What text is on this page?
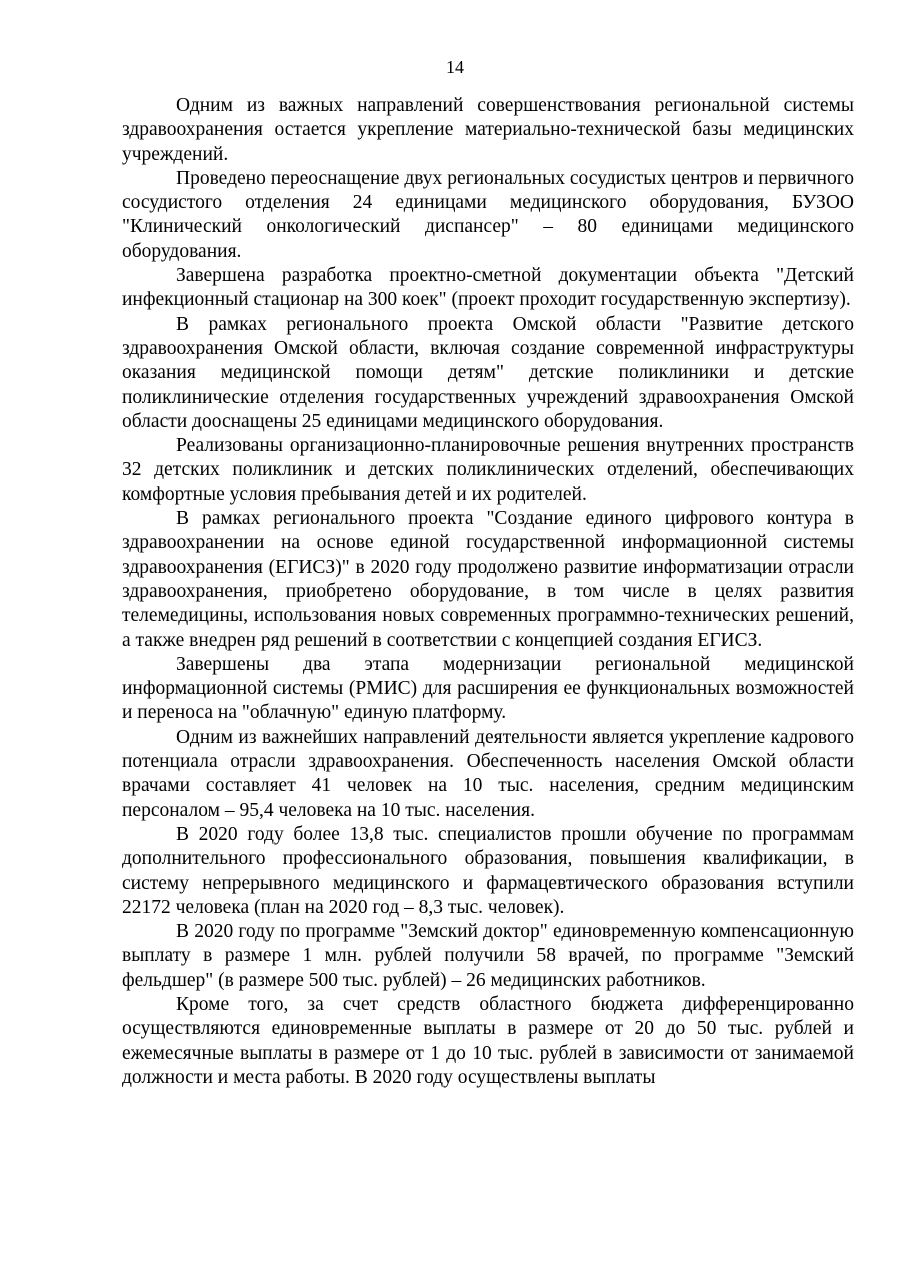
14

Одним из важных направлений совершенствования региональной системы здравоохранения остается укрепление материально-технической базы медицинских учреждений.

Проведено переоснащение двух региональных сосудистых центров и первичного сосудистого отделения 24 единицами медицинского оборудования, БУЗОО "Клинический онкологический диспансер" – 80 единицами медицинского оборудования.

Завершена разработка проектно-сметной документации объекта "Детский инфекционный стационар на 300 коек" (проект проходит государственную экспертизу).

В рамках регионального проекта Омской области "Развитие детского здравоохранения Омской области, включая создание современной инфраструктуры оказания медицинской помощи детям" детские поликлиники и детские поликлинические отделения государственных учреждений здравоохранения Омской области дооснащены 25 единицами медицинского оборудования.

Реализованы организационно-планировочные решения внутренних пространств 32 детских поликлиник и детских поликлинических отделений, обеспечивающих комфортные условия пребывания детей и их родителей.

В рамках регионального проекта "Создание единого цифрового контура в здравоохранении на основе единой государственной информационной системы здравоохранения (ЕГИСЗ)" в 2020 году продолжено развитие информатизации отрасли здравоохранения, приобретено оборудование, в том числе в целях развития телемедицины, использования новых современных программно-технических решений, а также внедрен ряд решений в соответствии с концепцией создания ЕГИСЗ.

Завершены два этапа модернизации региональной медицинской информационной системы (РМИС) для расширения ее функциональных возможностей и переноса на "облачную" единую платформу.

Одним из важнейших направлений деятельности является укрепление кадрового потенциала отрасли здравоохранения. Обеспеченность населения Омской области врачами составляет 41 человек на 10 тыс. населения, средним медицинским персоналом – 95,4 человека на 10 тыс. населения.

В 2020 году более 13,8 тыс. специалистов прошли обучение по программам дополнительного профессионального образования, повышения квалификации, в систему непрерывного медицинского и фармацевтического образования вступили 22172 человека (план на 2020 год – 8,3 тыс. человек).

В 2020 году по программе "Земский доктор" единовременную компенсационную выплату в размере 1 млн. рублей получили 58 врачей, по программе "Земский фельдшер" (в размере 500 тыс. рублей) – 26 медицинских работников.

Кроме того, за счет средств областного бюджета дифференцированно осуществляются единовременные выплаты в размере от 20 до 50 тыс. рублей и ежемесячные выплаты в размере от 1 до 10 тыс. рублей в зависимости от занимаемой должности и места работы. В 2020 году осуществлены выплаты
